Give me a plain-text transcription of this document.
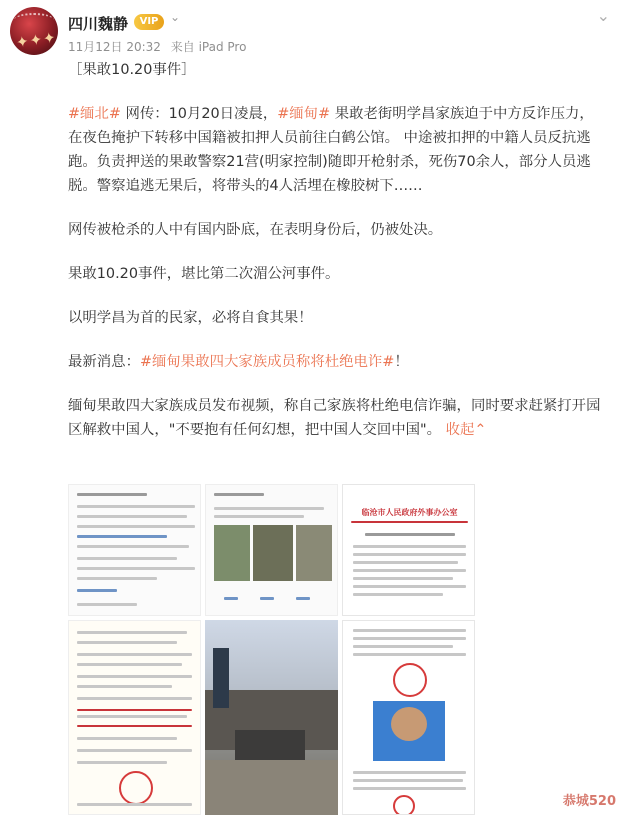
✦✦✦
四川魏静	VIP ⌄
11月12日 20:32 来自 iPad Pro
⌄
［果敢10.20事件］
#缅北# 网传：10月20日凌晨，#缅甸# 果敢老街明学昌家族迫于中方反诈压力，在夜色掩护下转移中国籍被扣押人员前往白鹤公馆。 中途被扣押的中籍人员反抗逃跑。负责押送的果敢警察21营(明家控制)随即开枪射杀，死伤70余人，部分人员逃脱。警察追逃无果后，将带头的4人活埋在橡胶树下……
网传被枪杀的人中有国内卧底，在表明身份后，仍被处决。
果敢10.20事件，堪比第二次湄公河事件。
以明学昌为首的民家，必将自食其果！
最新消息：#缅甸果敢四大家族成员称将杜绝电诈#！
缅甸果敢四大家族成员发布视频，称自己家族将杜绝电信诈骗，同时要求赶紧打开园区解救中国人，"不要抱有任何幻想，把中国人交回中国"。 收起⌃
临沧市人民政府外事办公室
恭城520
